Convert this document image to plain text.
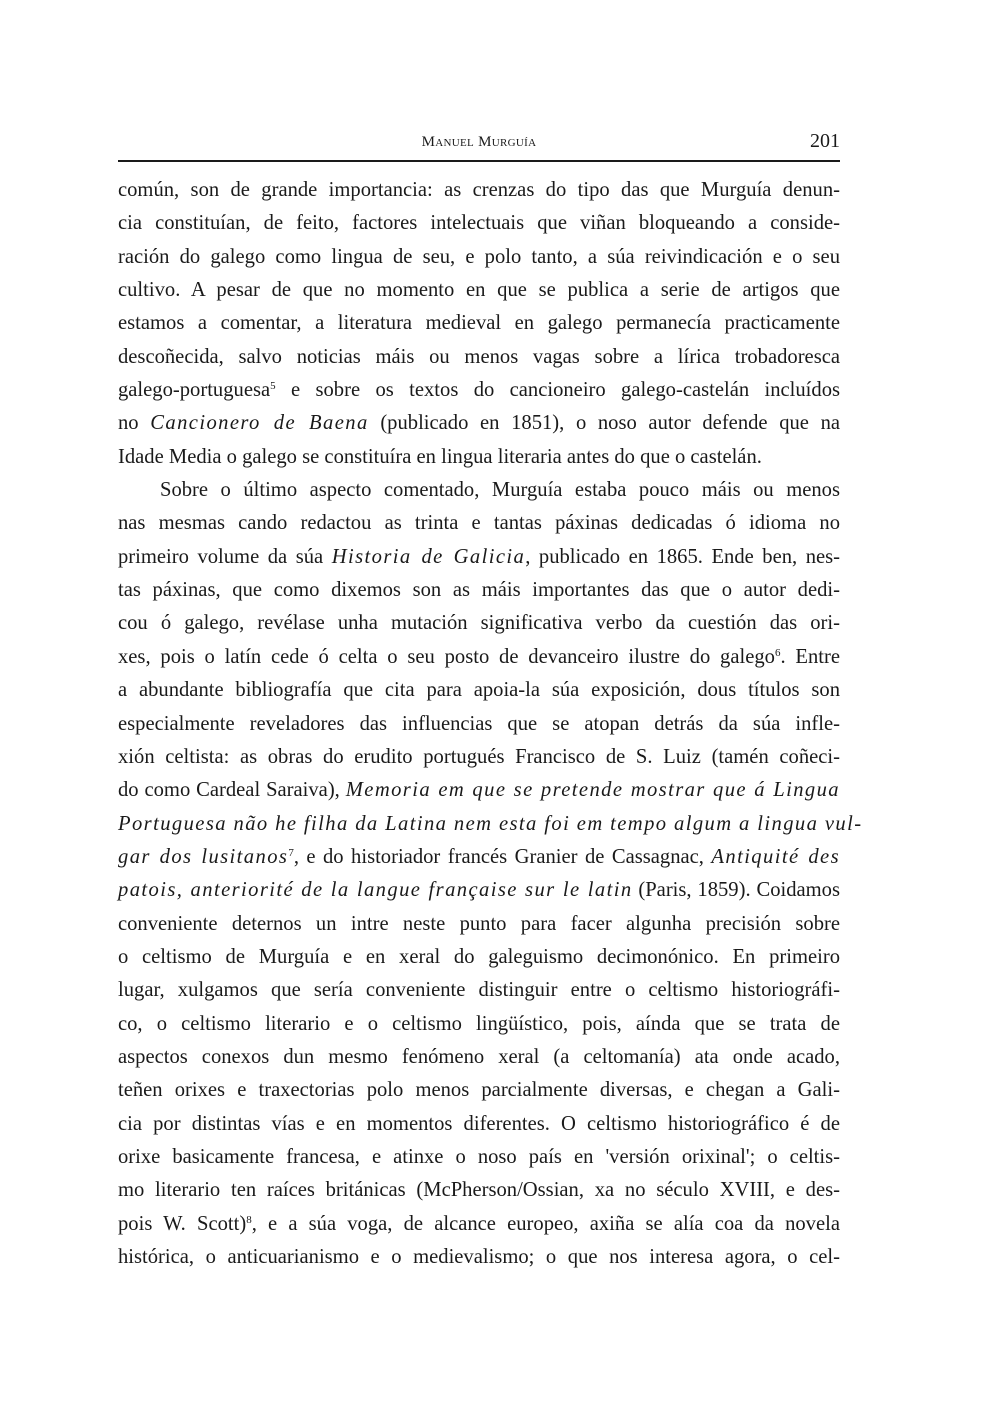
Manuel Murguía	201

común, son de grande importancia: as crenzas do tipo das que Murguía denun-
cia constituían, de feito, factores intelectuais que viñan bloqueando a conside-
ración do galego como lingua de seu, e polo tanto, a súa reivindicación e o seu
cultivo. A pesar de que no momento en que se publica a serie de artigos que
estamos a comentar, a literatura medieval en galego permanecía practicamente
descoñecida, salvo noticias máis ou menos vagas sobre a lírica trobadoresca
galego-portuguesa$^5$ e sobre os textos do cancioneiro galego-castelán incluídos
no Cancionero de Baena (publicado en 1851), o noso autor defende que na
Idade Media o galego se constituíra en lingua literaria antes do que o castelán.

Sobre o último aspecto comentado, Murguía estaba pouco máis ou menos
nas mesmas cando redactou as trinta e tantas páxinas dedicadas ó idioma no
primeiro volume da súa Historia de Galicia, publicado en 1865. Ende ben, nes-
tas páxinas, que como dixemos son as máis importantes das que o autor dedi-
cou ó galego, revélase unha mutación significativa verbo da cuestión das ori-
xes, pois o latín cede ó celta o seu posto de devanceiro ilustre do galego$^6$. Entre
a abundante bibliografía que cita para apoia-la súa exposición, dous títulos son
especialmente reveladores das influencias que se atopan detrás da súa infle-
xión celtista: as obras do erudito portugués Francisco de S. Luiz (tamén coñeci-
do como Cardeal Saraiva), Memoria em que se pretende mostrar que á Lingua
Portuguesa não he filha da Latina nem esta foi em tempo algum a lingua vul-
gar dos lusitanos$^7$, e do historiador francés Granier de Cassagnac, Antiquité des
patois, anteriorité de la langue française sur le latin (Paris, 1859). Coidamos
conveniente deternos un intre neste punto para facer algunha precisión sobre
o celtismo de Murguía e en xeral do galeguismo decimonónico. En primeiro
lugar, xulgamos que sería conveniente distinguir entre o celtismo historiográfi-
co, o celtismo literario e o celtismo lingüístico, pois, aínda que se trata de
aspectos conexos dun mesmo fenómeno xeral (a celtomanía) ata onde acado,
teñen orixes e traxectorias polo menos parcialmente diversas, e chegan a Gali-
cia por distintas vías e en momentos diferentes. O celtismo historiográfico é de
orixe basicamente francesa, e atinxe o noso país en 'versión orixinal'; o celtis-
mo literario ten raíces británicas (McPherson/Ossian, xa no século XVIII, e des-
pois W. Scott)$^8$, e a súa voga, de alcance europeo, axiña se alía coa da novela
histórica, o anticuarianismo e o medievalismo; o que nos interesa agora, o cel-
